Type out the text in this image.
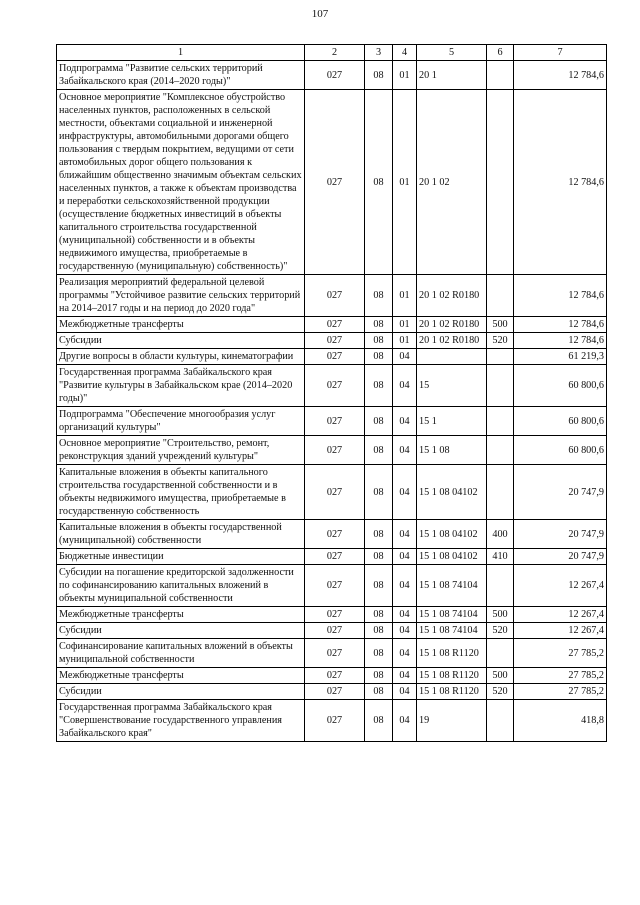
107
1	2	3	4	5	6	7
Подпрограмма "Развитие сельских территорий Забайкальского края (2014–2020 годы)"	027	08	01	20 1		12 784,6
Основное мероприятие "Комплексное обустройство населенных пунктов, расположенных в сельской местности, объектами социальной и инженерной инфраструктуры, автомобильными дорогами общего пользования с твердым покрытием, ведущими от сети автомобильных дорог общего пользования к ближайшим общественно значимым объектам сельских населенных пунктов, а также к объектам производства и переработки сельскохозяйственной продукции (осуществление бюджетных инвестиций в объекты капитального строительства государственной (муниципальной) собственности и в объекты недвижимого имущества, приобретаемые в государственную (муниципальную) собственность)"	027	08	01	20 1 02		12 784,6
Реализация мероприятий федеральной целевой программы "Устойчивое развитие сельских территорий на 2014–2017 годы и на период до 2020 года"	027	08	01	20 1 02 R0180		12 784,6
Межбюджетные трансферты	027	08	01	20 1 02 R0180	500	12 784,6
Субсидии	027	08	01	20 1 02 R0180	520	12 784,6
Другие вопросы в области культуры, кинематографии	027	08	04			61 219,3
Государственная программа Забайкальского края "Развитие культуры в Забайкальском крае (2014–2020 годы)"	027	08	04	15		60 800,6
Подпрограмма "Обеспечение многообразия услуг организаций культуры"	027	08	04	15 1		60 800,6
Основное мероприятие "Строительство, ремонт, реконструкция зданий учреждений культуры"	027	08	04	15 1 08		60 800,6
Капитальные вложения в объекты капитального строительства государственной собственности и в объекты недвижимого имущества, приобретаемые в государственную собственность	027	08	04	15 1 08 04102		20 747,9
Капитальные вложения в объекты государственной (муниципальной) собственности	027	08	04	15 1 08 04102	400	20 747,9
Бюджетные инвестиции	027	08	04	15 1 08 04102	410	20 747,9
Субсидии на погашение кредиторской задолженности по софинансированию капитальных вложений в объекты муниципальной собственности	027	08	04	15 1 08 74104		12 267,4
Межбюджетные трансферты	027	08	04	15 1 08 74104	500	12 267,4
Субсидии	027	08	04	15 1 08 74104	520	12 267,4
Софинансирование капитальных вложений в объекты муниципальной собственности	027	08	04	15 1 08 R1120		27 785,2
Межбюджетные трансферты	027	08	04	15 1 08 R1120	500	27 785,2
Субсидии	027	08	04	15 1 08 R1120	520	27 785,2
Государственная программа Забайкальского края "Совершенствование государственного управления Забайкальского края"	027	08	04	19		418,8
